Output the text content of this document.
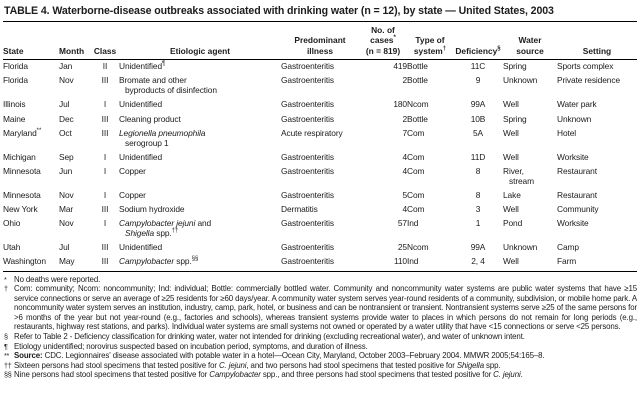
TABLE 4. Waterborne-disease outbreaks associated with drinking water (n = 12), by state — United States, 2003
State	Month	Class	Etiologic agent

Predominant
illness

No. of
cases*
(n = 819)

Type of
system†	Deficiency§

Water
source	Setting

Florida	Jan	II	Unidentified¶	Gastroenteritis	419	Bottle	11C	Spring	Sports complex

Florida	Nov	III	Bromate and other
byproducts of disinfection	Gastroenteritis	2	Bottle	9	Unknown	Private residence

Illinois	Jul	I	Unidentified	Gastroenteritis	180	Ncom	99A	Well	Water park

Maine	Dec	III	Cleaning product	Gastroenteritis	2	Bottle	10B	Spring	Unknown

Maryland**	Oct	III	Legionella pneumophila
serogroup 1	Acute respiratory	7	Com	5A	Well	Hotel

Michigan	Sep	I	Unidentified	Gastroenteritis	4	Com	11D	Well	Worksite

Minnesota	Jun	I	Copper	Gastroenteritis	4	Com	8	River,
stream	Restaurant

Minnesota	Nov	I	Copper	Gastroenteritis	5	Com	8	Lake	Restaurant

New York	Mar	III	Sodium hydroxide	Dermatitis	4	Com	3	Well	Community

Ohio	Nov	I	Campylobacter jejuni and
Shigella spp.††	Gastroenteritis	57	Ind	1	Pond	Worksite

Utah	Jul	III	Unidentified	Gastroenteritis	25	Ncom	99A	Unknown	Camp

Washington	May	III	Campylobacter spp.§§	Gastroenteritis	110	Ind	2, 4	Well	Farm
* No deaths were reported.
† Com: community; Ncom: noncommunity; Ind: individual; Bottle: commercially bottled water. Community and noncommunity water systems are public water systems that have ≥15 service connections or serve an average of ≥25 residents for ≥60 days/year. A community water system serves year-round residents of a community, subdivision, or mobile home park. A noncommunity water system serves an institution, industry, camp, park, hotel, or business and can be nontransient or transient. Nontransient systems serve ≥25 of the same persons for >6 months of the year but not year-round (e.g., factories and schools), whereas transient systems provide water to places in which persons do not remain for long periods (e.g., restaurants, highway rest stations, and parks). Individual water systems are small systems not owned or operated by a water utility that have <15 connections or serve <25 persons.
§ Refer to Table 2 - Deficiency classification for drinking water, water not intended for drinking (excluding recreational water), and water of unknown intent.
¶ Etiology unidentified; norovirus suspected based on incubation period, symptoms, and duration of illness.
** Source: CDC. Legionnaires' disease associated with potable water in a hotel—Ocean City, Maryland, October 2003–February 2004. MMWR 2005;54:165–8.
†† Sixteen persons had stool specimens that tested positive for C. jejuni, and two persons had stool specimens that tested positive for Shigella spp.
§§ Nine persons had stool specimens that tested positive for Campylobacter spp., and three persons had stool specimens that tested positive for C. jejuni.
